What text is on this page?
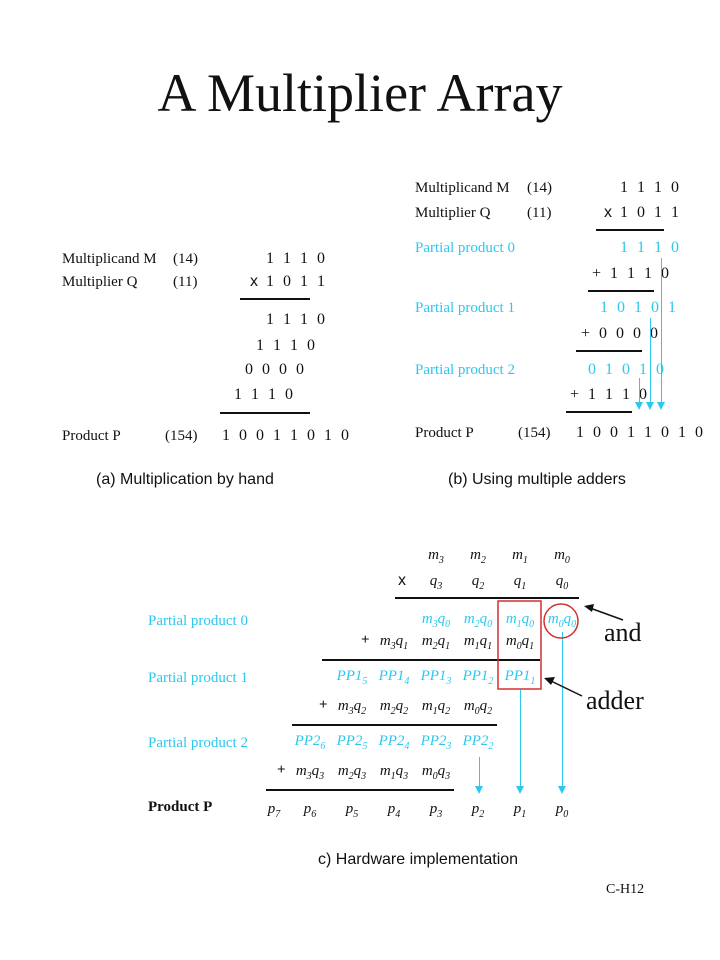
A Multiplier Array
Multiplicand M (14)	1 1 1 0
Multiplier Q (11)	x 1 0 1 1
1 1 1 0
1 1 1 0
0 0 0 0
1 1 1 0
Product P	(154) 1 0 0 1 1 0 1 0
(a) Multiplication by hand
Multiplicand M (14)	1 1 1 0
Multiplier Q (11)	x 1 0 1 1
Partial product 0	1 1 1 0
+ 1 1 1 0
Partial product 1	1 0 1 0 1
+ 0 0 0 0
Partial product 2	0 1 0 1 0
+ 1 1 1 0
Product P	(154) 1 0 0 1 1 0 1 0
(b) Using multiple adders
$m_3$	$m_2$	$m_1$	$m_0$
x	$q_3$	$q_2$	$q_1$	$q_0$
Partial product 0	$m_3q_0$ $m_2q_0$ $m_1q_0$ $m_0q_0$
+ $m_3q_1$ $m_2q_1$ $m_1q_1$ $m_0q_1$
Partial product 1	$PP1_5$ $PP1_4$ $PP1_3$ $PP1_2$ $PP1_1$
+ $m_3q_2$ $m_2q_2$ $m_1q_2$ $m_0q_2$
Partial product 2	$PP2_6$ $PP2_5$ $PP2_4$ $PP2_3$ $PP2_2$
+ $m_3q_3$ $m_2q_3$ $m_1q_3$ $m_0q_3$
Product P	$p_7$	$p_6$	$p_5$	$p_4$	$p_3$	$p_2$	$p_1$	$p_0$
and
adder
c) Hardware implementation
C-H12
